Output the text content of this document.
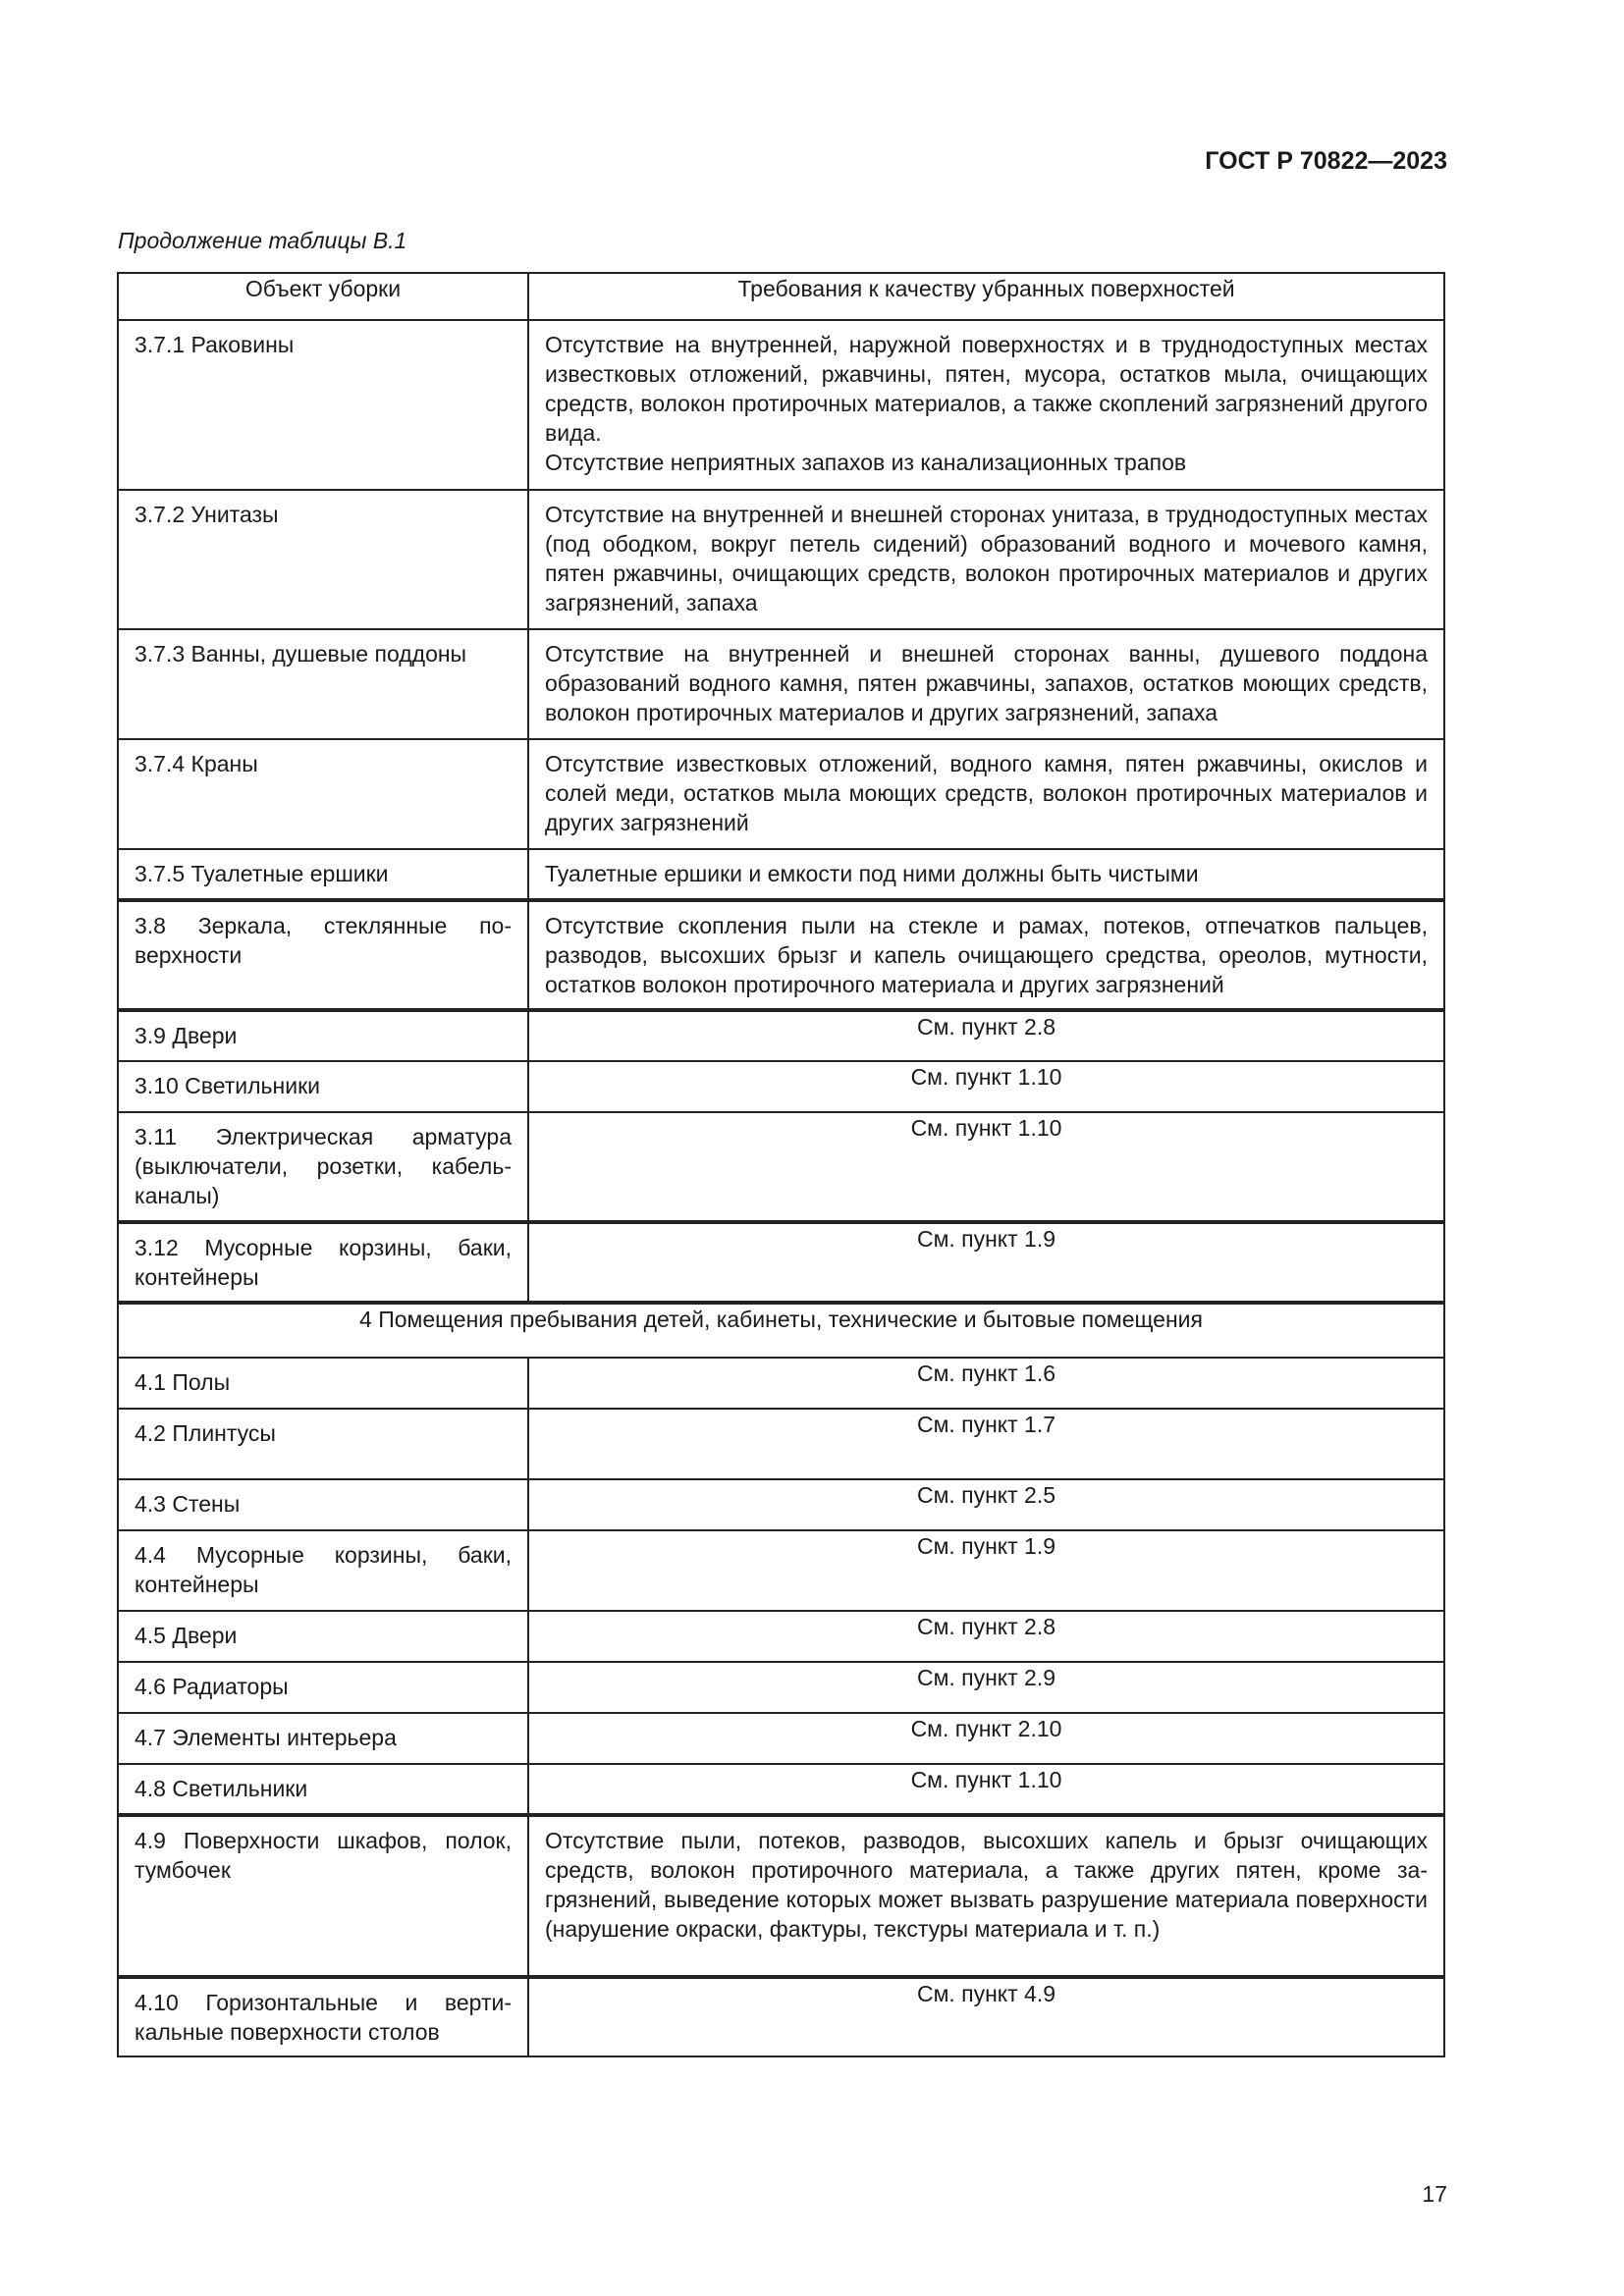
ГОСТ Р 70822—2023
Продолжение таблицы В.1
Объект уборки	Требования к качеству убранных поверхностей
3.7.1 Раковины	Отсутствие на внутренней, наружной поверхностях и в труднодоступных местах известковых отложений, ржавчины, пятен, мусора, остатков мыла, очищающих средств, волокон протирочных материалов, а также скоплений загрязнений другого вида.
Отсутствие неприятных запахов из канализационных трапов

3.7.2 Унитазы	Отсутствие на внутренней и внешней сторонах унитаза, в труднодоступных местах (под ободком, вокруг петель сидений) образований водного и мочевого камня, пятен ржавчины, очищающих средств, волокон протирочных материалов и других загрязнений, запаха
3.7.3 Ванны, душевые поддоны	Отсутствие на внутренней и внешней сторонах ванны, душевого поддона образований водного камня, пятен ржавчины, запахов, остатков моющих средств, волокон протирочных материалов и других загрязнений, запаха
3.7.4 Краны	Отсутствие известковых отложений, водного камня, пятен ржавчины, окислов и солей меди, остатков мыла моющих средств, волокон протирочных материалов и других загрязнений
3.7.5 Туалетные ершики	Туалетные ершики и емкости под ними должны быть чистыми
3.8 Зеркала, стеклянные поверхности	Отсутствие скопления пыли на стекле и рамах, потеков, отпечатков пальцев, разводов, высохших брызг и капель очищающего средства, ореолов, мутности, остатков волокон протирочного материала и других загрязнений
3.9 Двери	См. пункт 2.8
3.10 Светильники	См. пункт 1.10
3.11 Электрическая арматура (выключатели, розетки, кабель-каналы)	См. пункт 1.10
3.12 Мусорные корзины, баки, контейнеры	См. пункт 1.9
4 Помещения пребывания детей, кабинеты, технические и бытовые помещения	
4.1 Полы	См. пункт 1.6
4.2 Плинтусы	См. пункт 1.7
4.3 Стены	См. пункт 2.5
4.4 Мусорные корзины, баки, контейнеры	См. пункт 1.9
4.5 Двери	См. пункт 2.8
4.6 Радиаторы	См. пункт 2.9
4.7 Элементы интерьера	См. пункт 2.10
4.8 Светильники	См. пункт 1.10
4.9 Поверхности шкафов, полок, тумбочек	Отсутствие пыли, потеков, разводов, высохших капель и брызг очищающих средств, волокон протирочного материала, а также других пятен, кроме загрязнений, выведение которых может вызвать разрушение материала поверхности (нарушение окраски, фактуры, текстуры материала и т. п.)
4.10 Горизонтальные и вертикальные поверхности столов	См. пункт 4.9
17
